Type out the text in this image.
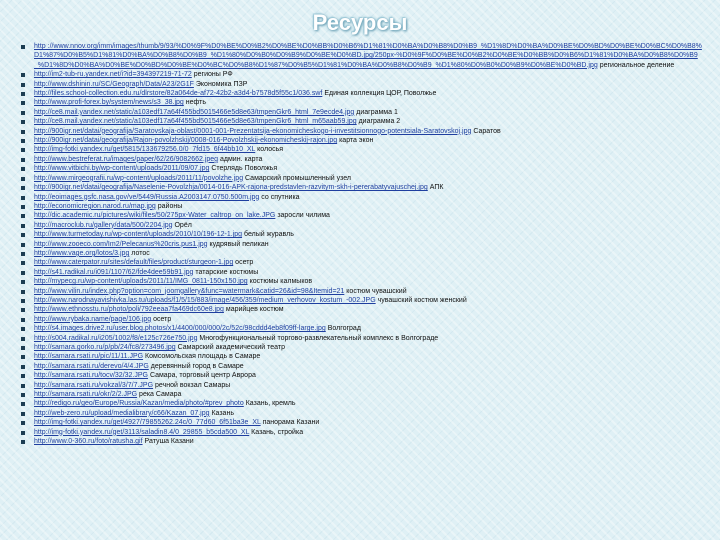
Ресурсы
http ://www.nnov.org/imm/images/thumb/9/93/%D0%9F%D0%BE%D0%B2%D0%BE%D0%BB%D0%B6%D1%81%D0%BA%D0%B8%D0%B9_%D1%8D%D0%BA%D0%BE%D0%BD%D0%BE%D0%BC%D0%B8%D1%87%D0%B5%D1%81%D0%BA%D0%B8%D0%B9_%D1%80%D0%B0%D0%B9%D0%BE%D0%BD.jpg/250px-%D0%9F%D0%BE%D0%B2%D0%BE%D0%BB%D0%B6%D1%81%D0%BA%D0%B8%D0%B9_%D1%8D%D0%BA%D0%BE%D0%BD%D0%BE%D0%BC%D0%B8%D1%87%D0%B5%D1%81%D0%BA%D0%B8%D0%B9_%D1%80%D0%B0%D0%B9%D0%BE%D0%BD.jpg региональное деление
http://im2-tub-ru.yandex.net/i?id=394397219-71-72 регионы РФ
http://www.dshinin.ru/SC/Geograph/Data/A23/2G1F Экономика ПЗР
http://files.school-collection.edu.ru/dlrstore/82a064de-af72-42b2-a3d4-b7578d5f55c1/036.swf Единая коллекция ЦОР, Поволжье
http://www.profi-forex.by/system/news/s3_38.jpg нефть
http://ce8.mail.yandex.net/static/a103edf17a64f455bd5015466e5d8e63/tmpenGkr6_html_7e9ecde4.jpg диаграмма 1
http://ce8.mail.yandex.net/static/a103edf17a64f455bd5015466e5d8e63/tmpenGkr6_html_m65aab59.jpg диаграмма 2
http://900igr.net/datai/geografija/Saratovskaja-oblast/0001-001-Prezentatsija-ekonomicheskogo-i-investitsionnogo-potentsiala-Saratovskoj.jpg Саратов
http://900igr.net/datai/geografija/Rajon-povolzhskij/0008-016-Povolzhskij-ekonomicheskij-rajon.jpg карта экон
http://img-fotki.yandex.ru/get/5815/133679256.0/0_7fd15_6f44bb10_XL колосья
http://www.bestreferat.ru/images/paper/62/26/9082662.jpeg админ. карта
http://www.vitbichi.by/wp-content/uploads/2011/09/07.jpg Стерлядь Поволжья
http://www.mirgeografii.ru/wp-content/uploads/2011/11/povolzhe.jpg Самарский промышленный узел
http://900igr.net/datai/geografija/Naselenie-Povolzhja/0014-016-APK-rajona-predstavlen-razvitym-skh-i-pererabatyvajuschej.jpg АПК
http://eoimages.gsfc.nasa.gov/ve/5449/Russia.A2003147.0750.500m.jpg со спутника
http://economicregion.narod.ru/map.jpg районы
http://dic.academic.ru/pictures/wiki/files/50/275px-Water_caltrop_on_lake.JPG заросли чилима
http://macroclub.ru/gallery/data/500/2204.jpg Орёл
http://www.turmetoday.ru/wp-content/uploads/2010/10/196-12-1.jpg белый журавль
http://www.zooeco.com/Im2/Pelecanus%20cris.pus1.jpg кудрявый пеликан
http://www.vage.org/lotos/3.jpg лотос
http://www.caterpator.ru/sites/default/files/product/sturgeon-1.jpg осетр
http://s41.radikal.ru/i091/1107/62/fde4dee59b91.jpg татарские костюмы
http://mypecg.ru/wp-content/uploads/2011/11/IMG_0811-150x150.jpg костюмы калмыков
http://www.vilin.ru/index.php?option=com_joomgallery&func=watermark&catid=26&id=98&Itemid=21 костюм чувашский
http://www.narodnayavishivka.las.tu/uploads/f1/5/15/883/image/456/359/medium_verhovov_kostum_-002.JPG чувашский костюм женский
http://www.ethnosstu.ru/photo/poli/792eeaa7fa469dc60e8.jpg марийцев костюм
http://www.rybaka.name/page/106.jpg осетр
http://s4.images.drive2.ru/user.blog.photos/x1/4400/000/000/2c/52c/98cddd4eb8f09ff-large.jpg Волгоград
http://s004.radikal.ru/i205/1002/f8/e125c726e750.jpg Многофункциональный торгово-развлекательный комплекс в Волгограде
http://samara.gorko.ru/p/pb/24/fc8/273496.jpg Самарский академический театр
http://samara.rsati.ru/pic/11/11.JPG Комсомольская площадь в Самаре
http://samara.rsati.ru/derevo/4/4.JPG деревянный город в Самаре
http://samara.rsati.ru/tocv/32/32.JPG Самара, торговый центр Аврора
http://samara.rsati.ru/vokzal/3/7/7.JPG речной вокзал Самары
http://samara.rsati.ru/okr/2/2.JPG река Самара
http://redigo.ru/geo/Europe/Russia/Kazan/media/photo/#prev_photo Казань, кремль
http://web-zero.ru/upload/medialibrary/c66/Kazan_07.jpg Казань
http://img-fotki.yandex.ru/get/4927/79855262.24c/0_77d60_6f51ba3e_XL панорама Казани
http://img-fotki.yandex.ru/get/3113/saladin8.4/0_29855_b5cda500_XL Казань, стройка
http://www.0-360.ru/foto/ratusha.gif Ратуша Казани
